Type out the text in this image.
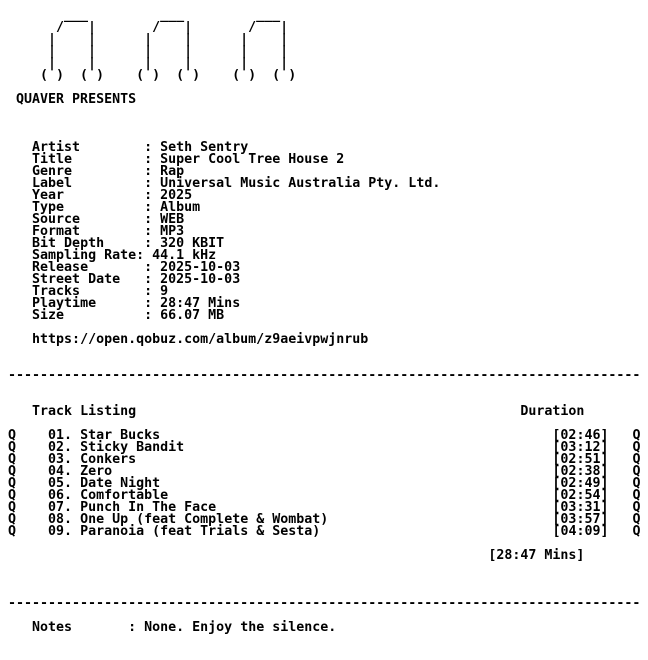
___         ___         ___
/   |       /   |       /   |
|    |      |    |      |    |
|    |      |    |      |    |
|    |      |    |      |    |
( )  ( )    ( )  ( )    ( )  ( )

QUAVER PRESENTS

Artist        : Seth Sentry
Title         : Super Cool Tree House 2
Genre         : Rap
Label         : Universal Music Australia Pty. Ltd.
Year          : 2025
Type          : Album
Source        : WEB
Format        : MP3
Bit Depth     : 320 KBIT
Sampling Rate: 44.1 kHz
Release       : 2025-10-03
Street Date   : 2025-10-03
Tracks        : 9
Playtime      : 28:47 Mins
Size          : 66.07 MB

https://open.qobuz.com/album/z9aeivpwjnrub

-------------------------------------------------------------------------------

Track Listing	Duration

Q 01. Star Bucks	[02:46] Q
Q 02. Sticky Bandit	[03:12] Q
Q 03. Conkers	[02:51] Q
Q 04. Zero	[02:38] Q
Q 05. Date Night	[02:49] Q
Q 06. Comfortable	[02:54] Q
Q 07. Punch In The Face	[03:31] Q
Q 08. One Up (feat Complete & Wombat)	[03:57] Q
Q 09. Paranoia (feat Trials & Sesta)	[04:09] Q

[28:47 Mins]

-------------------------------------------------------------------------------

Notes       : None. Enjoy the silence.
